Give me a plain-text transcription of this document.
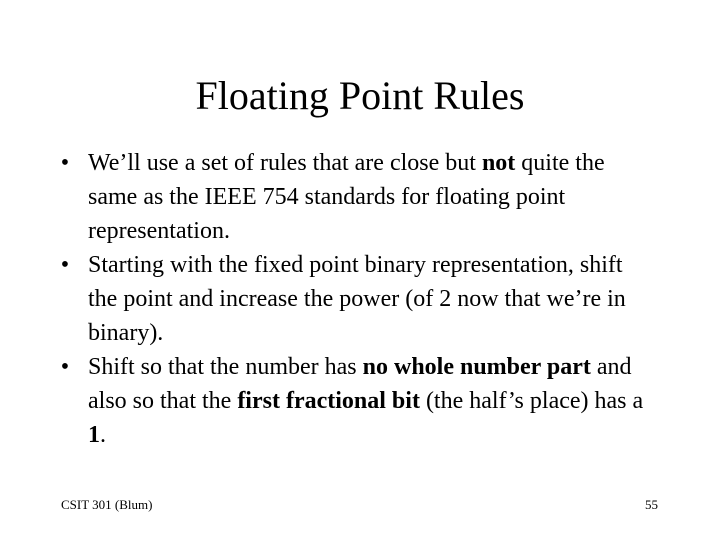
Floating Point Rules
• We’ll use a set of rules that are close but not quite the same as the IEEE 754 standards for floating point representation.
• Starting with the fixed point binary representation, shift the point and increase the power (of 2 now that we’re in binary).
• Shift so that the number has no whole number part and also so that the first fractional bit (the half’s place) has a 1.
CSIT 301 (Blum)	55
